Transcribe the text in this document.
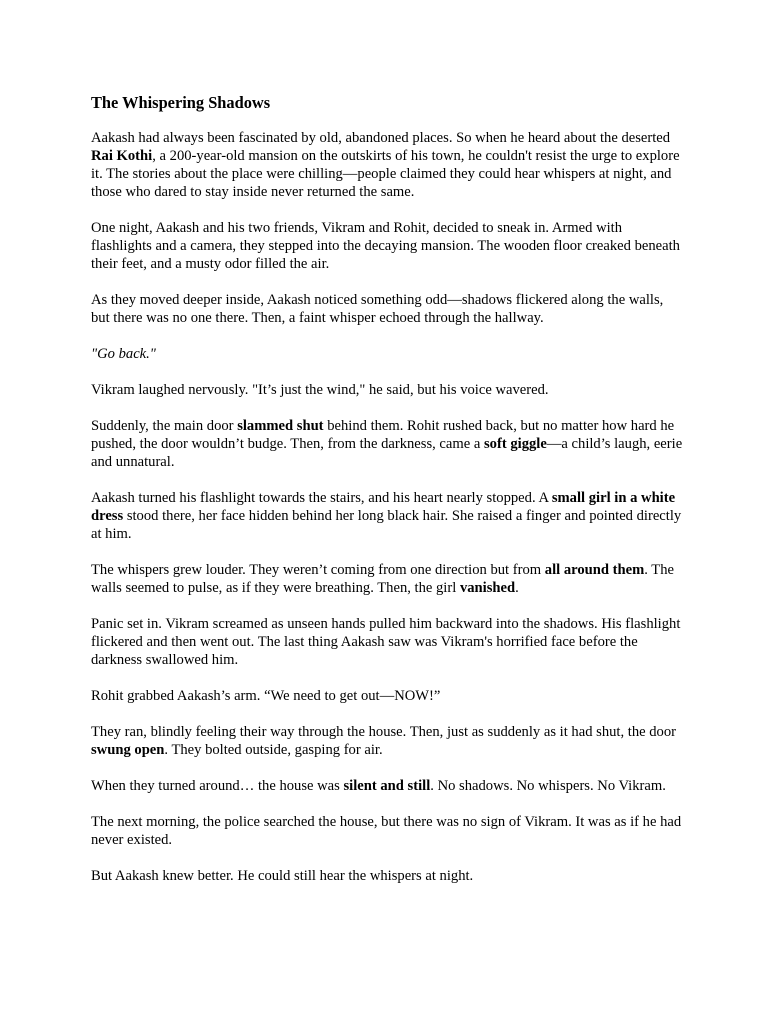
The Whispering Shadows

Aakash had always been fascinated by old, abandoned places. So when he heard about the deserted Rai Kothi, a 200-year-old mansion on the outskirts of his town, he couldn't resist the urge to explore it. The stories about the place were chilling—people claimed they could hear whispers at night, and those who dared to stay inside never returned the same.

One night, Aakash and his two friends, Vikram and Rohit, decided to sneak in. Armed with flashlights and a camera, they stepped into the decaying mansion. The wooden floor creaked beneath their feet, and a musty odor filled the air.

As they moved deeper inside, Aakash noticed something odd—shadows flickered along the walls, but there was no one there. Then, a faint whisper echoed through the hallway.

"Go back."

Vikram laughed nervously. "It’s just the wind," he said, but his voice wavered.

Suddenly, the main door slammed shut behind them. Rohit rushed back, but no matter how hard he pushed, the door wouldn’t budge. Then, from the darkness, came a soft giggle—a child’s laugh, eerie and unnatural.

Aakash turned his flashlight towards the stairs, and his heart nearly stopped. A small girl in a white dress stood there, her face hidden behind her long black hair. She raised a finger and pointed directly at him.

The whispers grew louder. They weren’t coming from one direction but from all around them. The walls seemed to pulse, as if they were breathing. Then, the girl vanished.

Panic set in. Vikram screamed as unseen hands pulled him backward into the shadows. His flashlight flickered and then went out. The last thing Aakash saw was Vikram's horrified face before the darkness swallowed him.

Rohit grabbed Aakash’s arm. “We need to get out—NOW!”

They ran, blindly feeling their way through the house. Then, just as suddenly as it had shut, the door swung open. They bolted outside, gasping for air.

When they turned around… the house was silent and still. No shadows. No whispers. No Vikram.

The next morning, the police searched the house, but there was no sign of Vikram. It was as if he had never existed.

But Aakash knew better. He could still hear the whispers at night.
